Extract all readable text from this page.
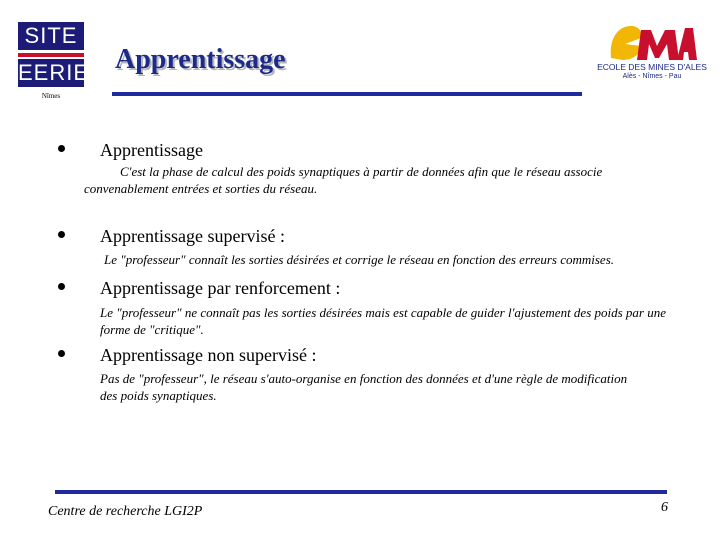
SITE
EERIE
Nîmes
Apprentissage	ECOLE DES MINES D'ALES
Alès - Nîmes - Pau
Apprentissage
C'est la phase de calcul des poids synaptiques à partir de données afin que le réseau associe convenablement entrées et sorties du réseau.
Apprentissage supervisé :
Le "professeur" connaît les sorties désirées et corrige le réseau en fonction des erreurs commises.
Apprentissage par renforcement :
Le "professeur" ne connaît pas les sorties désirées mais est capable de guider l'ajustement des poids par une forme de "critique".
Apprentissage non supervisé :
Pas de "professeur", le réseau s'auto-organise en fonction des données et d'une règle de modification des poids synaptiques.
Centre de recherche LGI2P	6
